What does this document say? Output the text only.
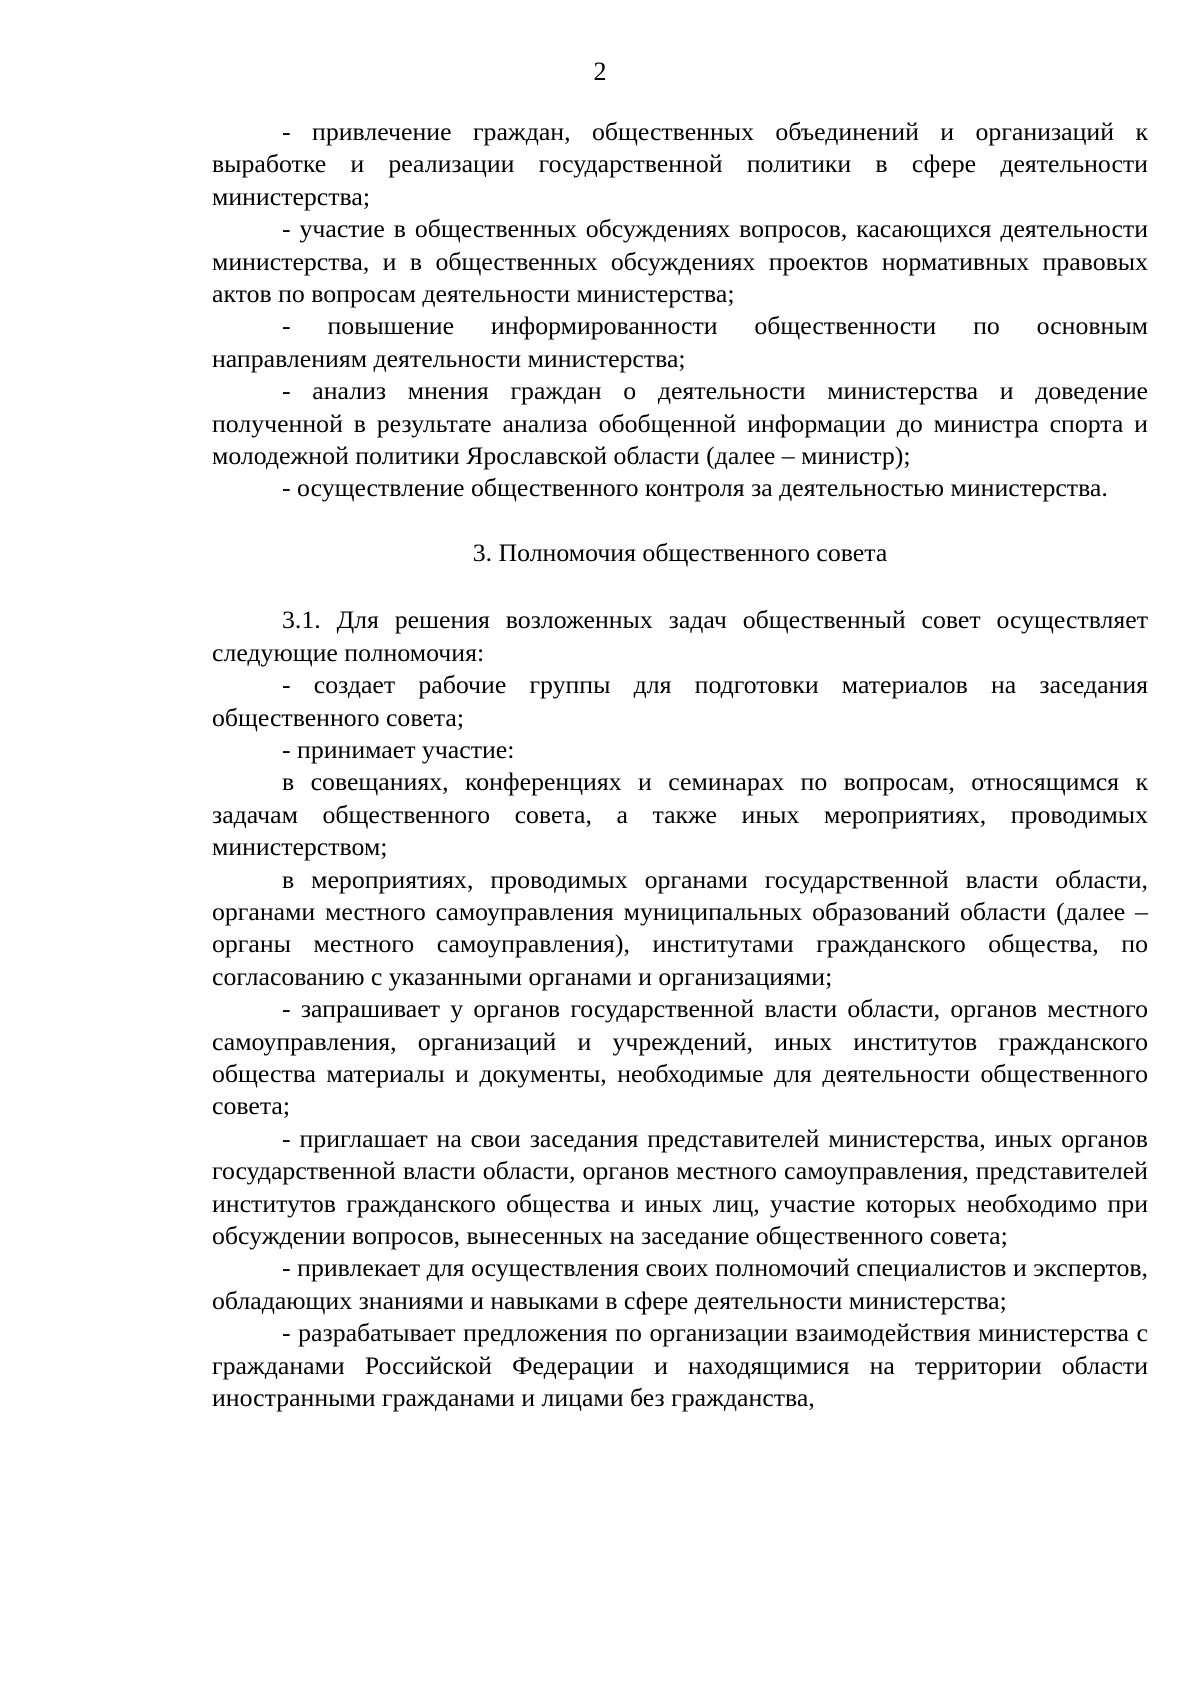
2

- привлечение граждан, общественных объединений и организаций к выработке и реализации государственной политики в сфере деятельности министерства;

- участие в общественных обсуждениях вопросов, касающихся деятельности министерства, и в общественных обсуждениях проектов нормативных правовых актов по вопросам деятельности министерства;

- повышение информированности общественности по основным направлениям деятельности министерства;

- анализ мнения граждан о деятельности министерства и доведение полученной в результате анализа обобщенной информации до министра спорта и молодежной политики Ярославской области (далее – министр);

- осуществление общественного контроля за деятельностью министерства.

3. Полномочия общественного совета

3.1. Для решения возложенных задач общественный совет осуществляет следующие полномочия:

- создает рабочие группы для подготовки материалов на заседания общественного совета;

- принимает участие:

в совещаниях, конференциях и семинарах по вопросам, относящимся к задачам общественного совета, а также иных мероприятиях, проводимых министерством;

в мероприятиях, проводимых органами государственной власти области, органами местного самоуправления муниципальных образований области (далее – органы местного самоуправления), институтами гражданского общества, по согласованию с указанными органами и организациями;

- запрашивает у органов государственной власти области, органов местного самоуправления, организаций и учреждений, иных институтов гражданского общества материалы и документы, необходимые для деятельности общественного совета;

- приглашает на свои заседания представителей министерства, иных органов государственной власти области, органов местного самоуправления, представителей институтов гражданского общества и иных лиц, участие которых необходимо при обсуждении вопросов, вынесенных на заседание общественного совета;

- привлекает для осуществления своих полномочий специалистов и экспертов, обладающих знаниями и навыками в сфере деятельности министерства;

- разрабатывает предложения по организации взаимодействия министерства с гражданами Российской Федерации и находящимися на территории области иностранными гражданами и лицами без гражданства,
